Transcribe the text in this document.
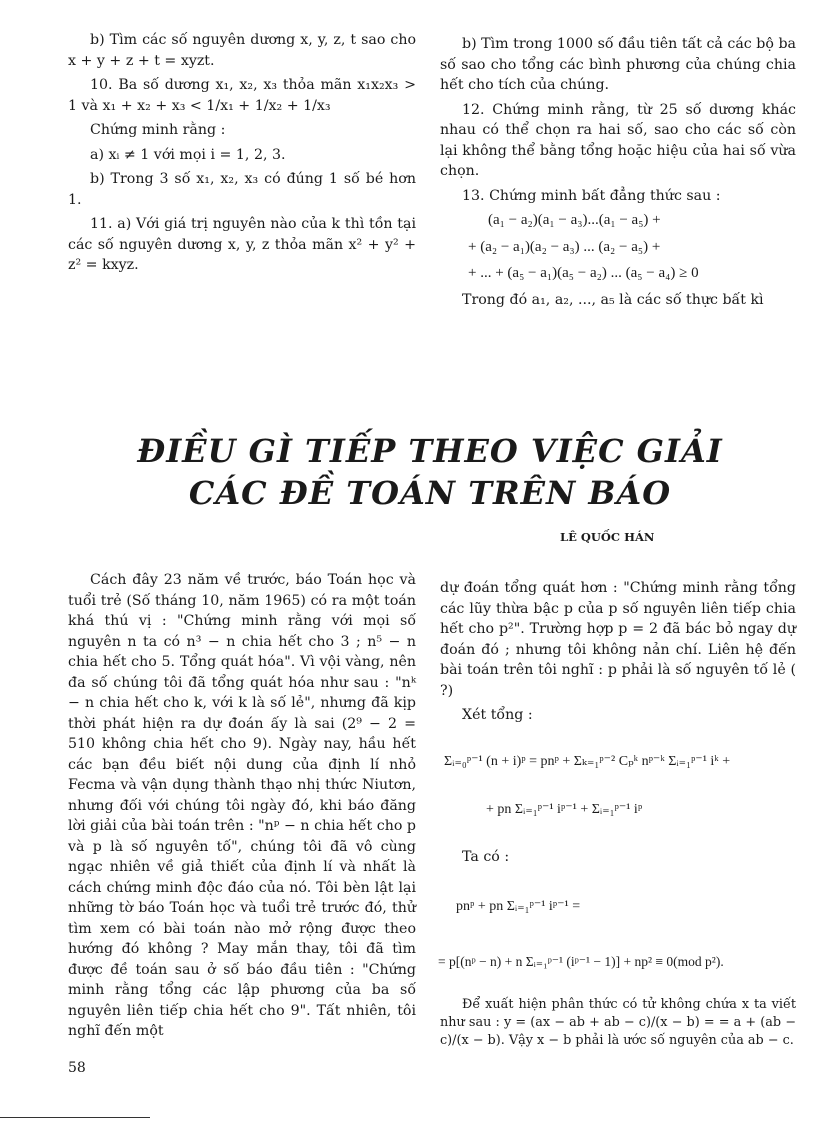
b) Tìm các số nguyên dương x, y, z, t sao cho x + y + z + t = xyzt.

10. Ba số dương x₁, x₂, x₃ thỏa mãn x₁x₂x₃ > 1 và x₁ + x₂ + x₃ < 1/x₁ + 1/x₂ + 1/x₃

Chứng minh rằng :

a) xᵢ ≠ 1 với mọi i = 1, 2, 3.

b) Trong 3 số x₁, x₂, x₃ có đúng 1 số bé hơn 1.

11. a) Với giá trị nguyên nào của k thì tồn tại các số nguyên dương x, y, z thỏa mãn x² + y² + z² = kxyz.

b) Tìm trong 1000 số đầu tiên tất cả các bộ ba số sao cho tổng các bình phương của chúng chia hết cho tích của chúng.

12. Chứng minh rằng, từ 25 số dương khác nhau có thể chọn ra hai số, sao cho các số còn lại không thể bằng tổng hoặc hiệu của hai số vừa chọn.

13. Chứng minh bất đẳng thức sau :

(a₁ − a₂)(a₁ − a₃)...(a₁ − a₅) +

+ (a₂ − a₁)(a₂ − a₃) ... (a₂ − a₅) +

+ ... + (a₅ − a₁)(a₅ − a₂) ... (a₅ − a₄) ≥ 0

Trong đó a₁, a₂, ..., a₅ là các số thực bất kì

ĐIỀU GÌ TIẾP THEO VIỆC GIẢI
CÁC ĐỀ TOÁN TRÊN BÁO
LÊ QUỐC HÁN

Cách đây 23 năm về trước, báo Toán học và tuổi trẻ (Số tháng 10, năm 1965) có ra một toán khá thú vị : "Chứng minh rằng với mọi số nguyên n ta có n³ − n chia hết cho 3 ; n⁵ − n chia hết cho 5. Tổng quát hóa". Vì vội vàng, nên đa số chúng tôi đã tổng quát hóa như sau : "nᵏ − n chia hết cho k, với k là số lẻ", nhưng đã kịp thời phát hiện ra dự đoán ấy là sai (2⁹ − 2 = 510 không chia hết cho 9). Ngày nay, hầu hết các bạn đều biết nội dung của định lí nhỏ Fecma và vận dụng thành thạo nhị thức Niutơn, nhưng đối với chúng tôi ngày đó, khi báo đăng lời giải của bài toán trên : "nᵖ − n chia hết cho p và p là số nguyên tố", chúng tôi đã vô cùng ngạc nhiên về giả thiết của định lí và nhất là cách chứng minh độc đáo của nó. Tôi bèn lật lại những tờ báo Toán học và tuổi trẻ trước đó, thử tìm xem có bài toán nào mở rộng được theo hướng đó không ? May mắn thay, tôi đã tìm được đề toán sau ở số báo đầu tiên : "Chứng minh rằng tổng các lập phương của ba số nguyên liên tiếp chia hết cho 9". Tất nhiên, tôi nghĩ đến một

dự đoán tổng quát hơn : "Chứng minh rằng tổng các lũy thừa bậc p của p số nguyên liên tiếp chia hết cho p²". Trường hợp p = 2 đã bác bỏ ngay dự đoán đó ; nhưng tôi không nản chí. Liên hệ đến bài toán trên tôi nghĩ : p phải là số nguyên tố lẻ ( ?)

Xét tổng :

Σᵢ₌₀ᵖ⁻¹ (n + i)ᵖ = pnᵖ + Σₖ₌₁ᵖ⁻² Cₚᵏ nᵖ⁻ᵏ Σᵢ₌₁ᵖ⁻¹ iᵏ +

+ pn Σᵢ₌₁ᵖ⁻¹ iᵖ⁻¹ + Σᵢ₌₁ᵖ⁻¹ iᵖ

Ta có :

pnᵖ + pn Σᵢ₌₁ᵖ⁻¹ iᵖ⁻¹ =

= p[(nᵖ − n) + n Σᵢ₌₁ᵖ⁻¹ (iᵖ⁻¹ − 1)] + np² ≡ 0(mod p²).

Để xuất hiện phân thức có tử không chứa x ta viết như sau : y = (ax − ab + ab − c)/(x − b) = = a + (ab − c)/(x − b). Vậy x − b phải là ước số nguyên của ab − c.

58
